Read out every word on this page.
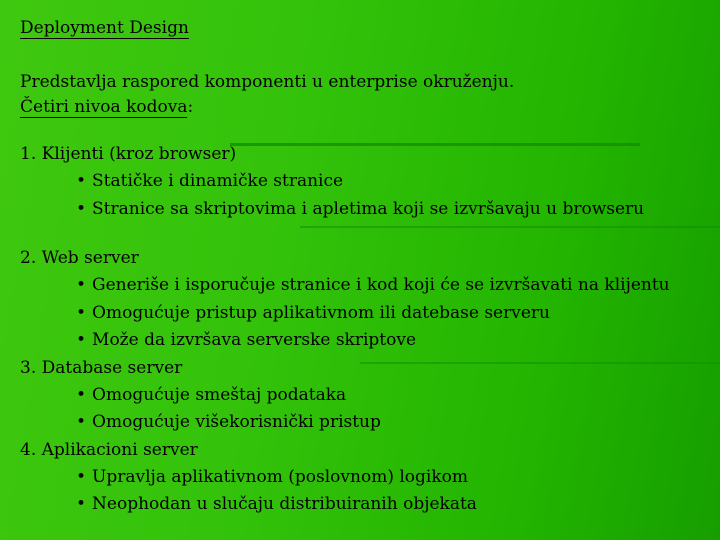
Deployment Design
Predstavlja raspored komponenti u enterprise okruženju.
Četiri nivoa kodova:
1. Klijenti (kroz browser)
• Statičke i dinamičke stranice
• Stranice sa skriptovima i apletima koji se izvršavaju u browseru
2. Web server
• Generiše i isporučuje stranice i kod koji će se izvršavati na klijentu
• Omogućuje pristup aplikativnom ili datebase serveru
• Može da izvršava serverske skriptove
3. Database server
• Omogućuje smeštaj podataka
• Omogućuje višekorisnički pristup
4. Aplikacioni server
• Upravlja aplikativnom (poslovnom) logikom
• Neophodan u slučaju distribuiranih objekata
